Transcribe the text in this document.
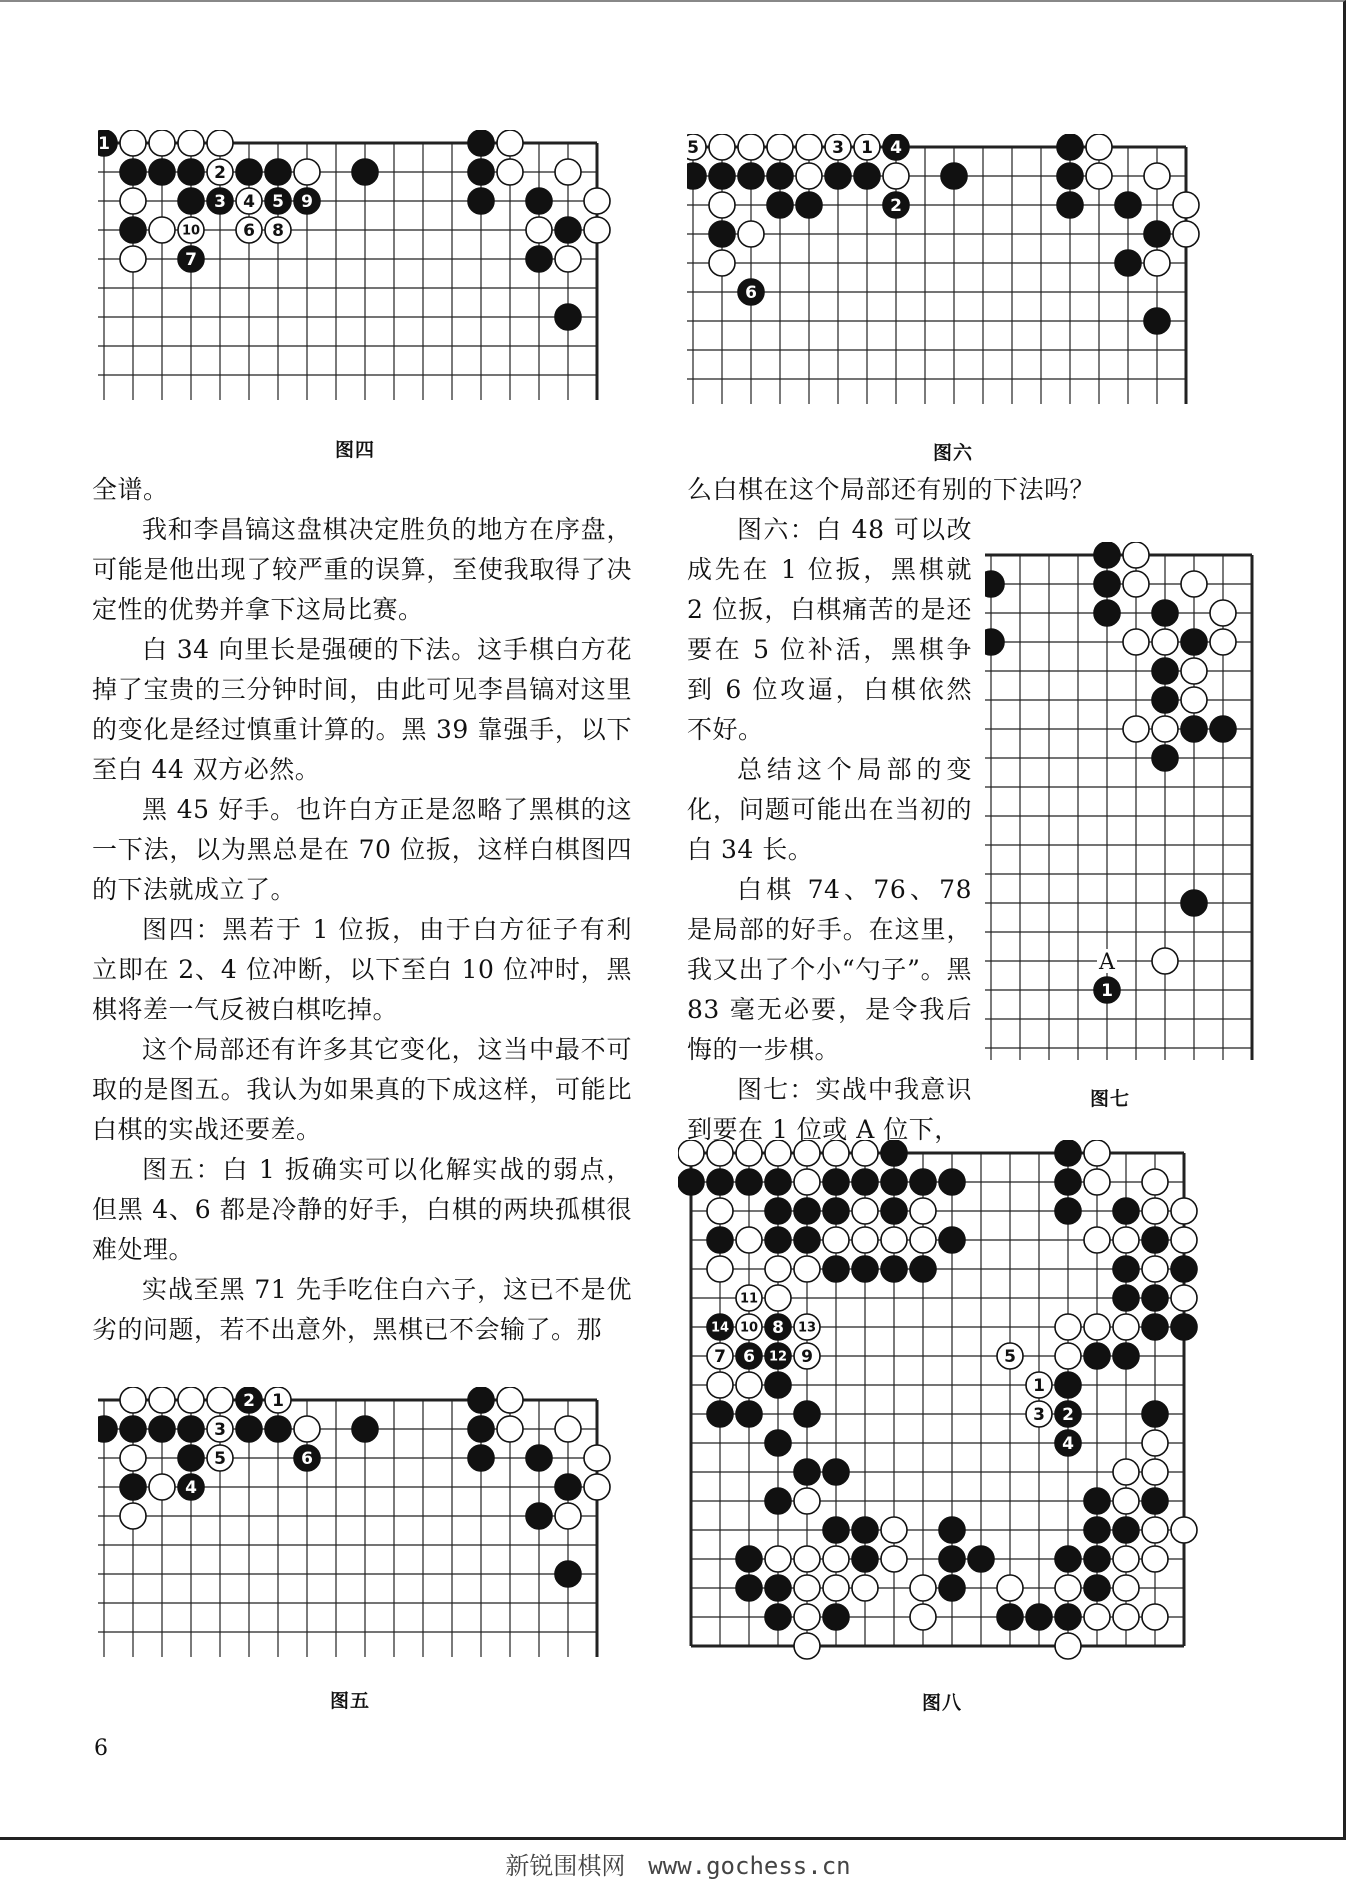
1
2
3 4 5 9
10	6 8
7
图四
5	3 1 4
2
6
图六
A
1
图七
2 1
3
5	6
4
图五
11
14 10 8 13
7 6 12 9	5
1
3 2
4
图八

全谱。

我和李昌镐这盘棋决定胜负的地方在序盘，可能是他出现了较严重的误算，至使我取得了决定性的优势并拿下这局比赛。

白 34 向里长是强硬的下法。这手棋白方花掉了宝贵的三分钟时间，由此可见李昌镐对这里的变化是经过慎重计算的。黑 39 靠强手，以下至白 44 双方必然。

黑 45 好手。也许白方正是忽略了黑棋的这一下法，以为黑总是在 70 位扳，这样白棋图四的下法就成立了。

图四：黑若于 1 位扳，由于白方征子有利立即在 2、4 位冲断，以下至白 10 位冲时，黑棋将差一气反被白棋吃掉。

这个局部还有许多其它变化，这当中最不可取的是图五。我认为如果真的下成这样，可能比白棋的实战还要差。

图五：白 1 扳确实可以化解实战的弱点，但黑 4、6 都是冷静的好手，白棋的两块孤棋很难处理。

实战至黑 71 先手吃住白六子，这已不是优劣的问题，若不出意外，黑棋已不会输了。那

么白棋在这个局部还有别的下法吗？

图六：白 48 可以改成先在 1 位扳，黑棋就 2 位扳，白棋痛苦的是还要在 5 位补活，黑棋争到 6 位攻逼，白棋依然不好。

总结这个局部的变化，问题可能出在当初的白 34 长。

白棋 74、76、78 是局部的好手。在这里，我又出了个小“勺子”。黑 83 毫无必要，是令我后悔的一步棋。

图七：实战中我意识到要在 1 位或 A 位下，

6
新锐围棋网 www.gochess.cn
